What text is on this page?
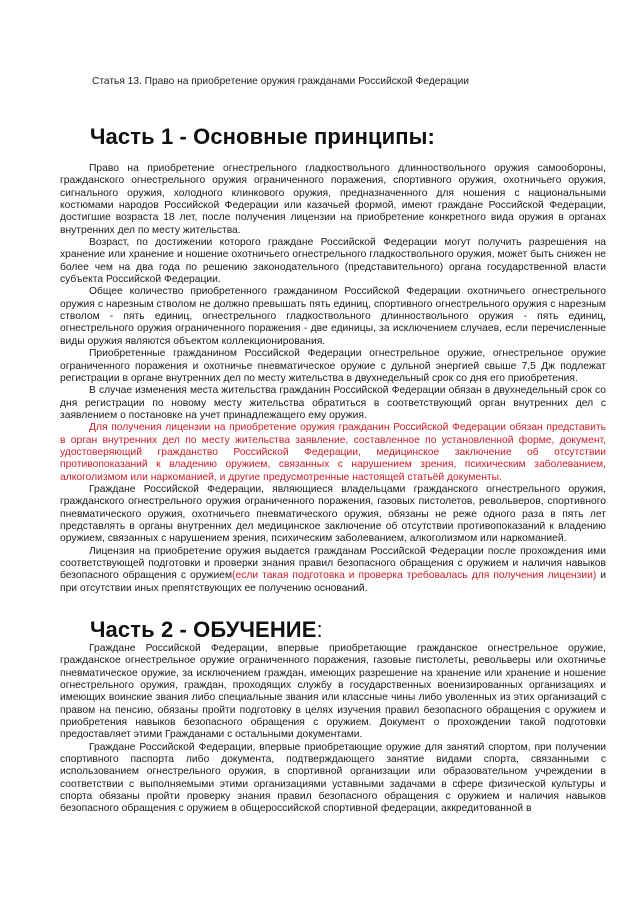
Статья 13. Право на приобретение оружия гражданами Российской Федерации
Часть 1 - Основные принципы:

Право на приобретение огнестрельного гладкоствольного длинноствольного оружия самообороны, гражданского огнестрельного оружия ограниченного поражения, спортивного оружия, охотничьего оружия, сигнального оружия, холодного клинкового оружия, предназначенного для ношения с национальными костюмами народов Российской Федерации или казачьей формой, имеют граждане Российской Федерации, достигшие возраста 18 лет, после получения лицензии на приобретение конкретного вида оружия в органах внутренних дел по месту жительства.

Возраст, по достижении которого граждане Российской Федерации могут получить разрешения на хранение или хранение и ношение охотничьего огнестрельного гладкоствольного оружия, может быть снижен не более чем на два года по решению законодательного (представительного) органа государственной власти субъекта Российской Федерации.

Общее количество приобретенного гражданином Российской Федерации охотничьего огнестрельного оружия с нарезным стволом не должно превышать пять единиц, спортивного огнестрельного оружия с нарезным стволом - пять единиц, огнестрельного гладкоствольного длинноствольного оружия - пять единиц, огнестрельного оружия ограниченного поражения - две единицы, за исключением случаев, если перечисленные виды оружия являются объектом коллекционирования.

Приобретенные гражданином Российской Федерации огнестрельное оружие, огнестрельное оружие ограниченного поражения и охотничье пневматическое оружие с дульной энергией свыше 7,5 Дж подлежат регистрации в органе внутренних дел по месту жительства в двухнедельный срок со дня его приобретения.

В случае изменения места жительства гражданин Российской Федерации обязан в двухнедельный срок со дня регистрации по новому месту жительства обратиться в соответствующий орган внутренних дел с заявлением о постановке на учет принадлежащего ему оружия.

Для получения лицензии на приобретение оружия гражданин Российской Федерации обязан представить в орган внутренних дел по месту жительства заявление, составленное по установленной форме, документ, удостоверяющий гражданство Российской Федерации, медицинское заключение об отсутствии противопоказаний к владению оружием, связанных с нарушением зрения, психическим заболеванием, алкоголизмом или наркоманией, и другие предусмотренные настоящей статьёй документы.

Граждане Российской Федерации, являющиеся владельцами гражданского огнестрельного оружия, гражданского огнестрельного оружия ограниченного поражения, газовых пистолетов, револьверов, спортивного пневматического оружия, охотничьего пневматического оружия, обязаны не реже одного раза в пять лет представлять в органы внутренних дел медицинское заключение об отсутствии противопоказаний к владению оружием, связанных с нарушением зрения, психическим заболеванием, алкоголизмом или наркоманией.

Лицензия на приобретение оружия выдается гражданам Российской Федерации после прохождения ими соответствующей подготовки и проверки знания правил безопасного обращения с оружием и наличия навыков безопасного обращения с оружием(если такая подготовка и проверка требовалась для получения лицензии) и при отсутствии иных препятствующих ее получению оснований.

Часть 2 - ОБУЧЕНИЕ:

Граждане Российской Федерации, впервые приобретающие гражданское огнестрельное оружие, гражданское огнестрельное оружие ограниченного поражения, газовые пистолеты, револьверы или охотничье пневматическое оружие, за исключением граждан, имеющих разрешение на хранение или хранение и ношение огнестрельного оружия, граждан, проходящих службу в государственных военизированных организациях и имеющих воинские звания либо специальные звания или классные чины либо уволенных из этих организаций с правом на пенсию, обязаны пройти подготовку в целях изучения правил безопасного обращения с оружием и приобретения навыков безопасного обращения с оружием. Документ о прохождении такой подготовки предоставляет этими Гражданами с остальными документами.

Граждане Российской Федерации, впервые приобретающие оружие для занятий спортом, при получении спортивного паспорта либо документа, подтверждающего занятие видами спорта, связанными с использованием огнестрельного оружия, в спортивной организации или образовательном учреждении в соответствии с выполняемыми этими организациями уставными задачами в сфере физической культуры и спорта обязаны пройти проверку знания правил безопасного обращения с оружием и наличия навыков безопасного обращения с оружием в общероссийской спортивной федерации, аккредитованной в
